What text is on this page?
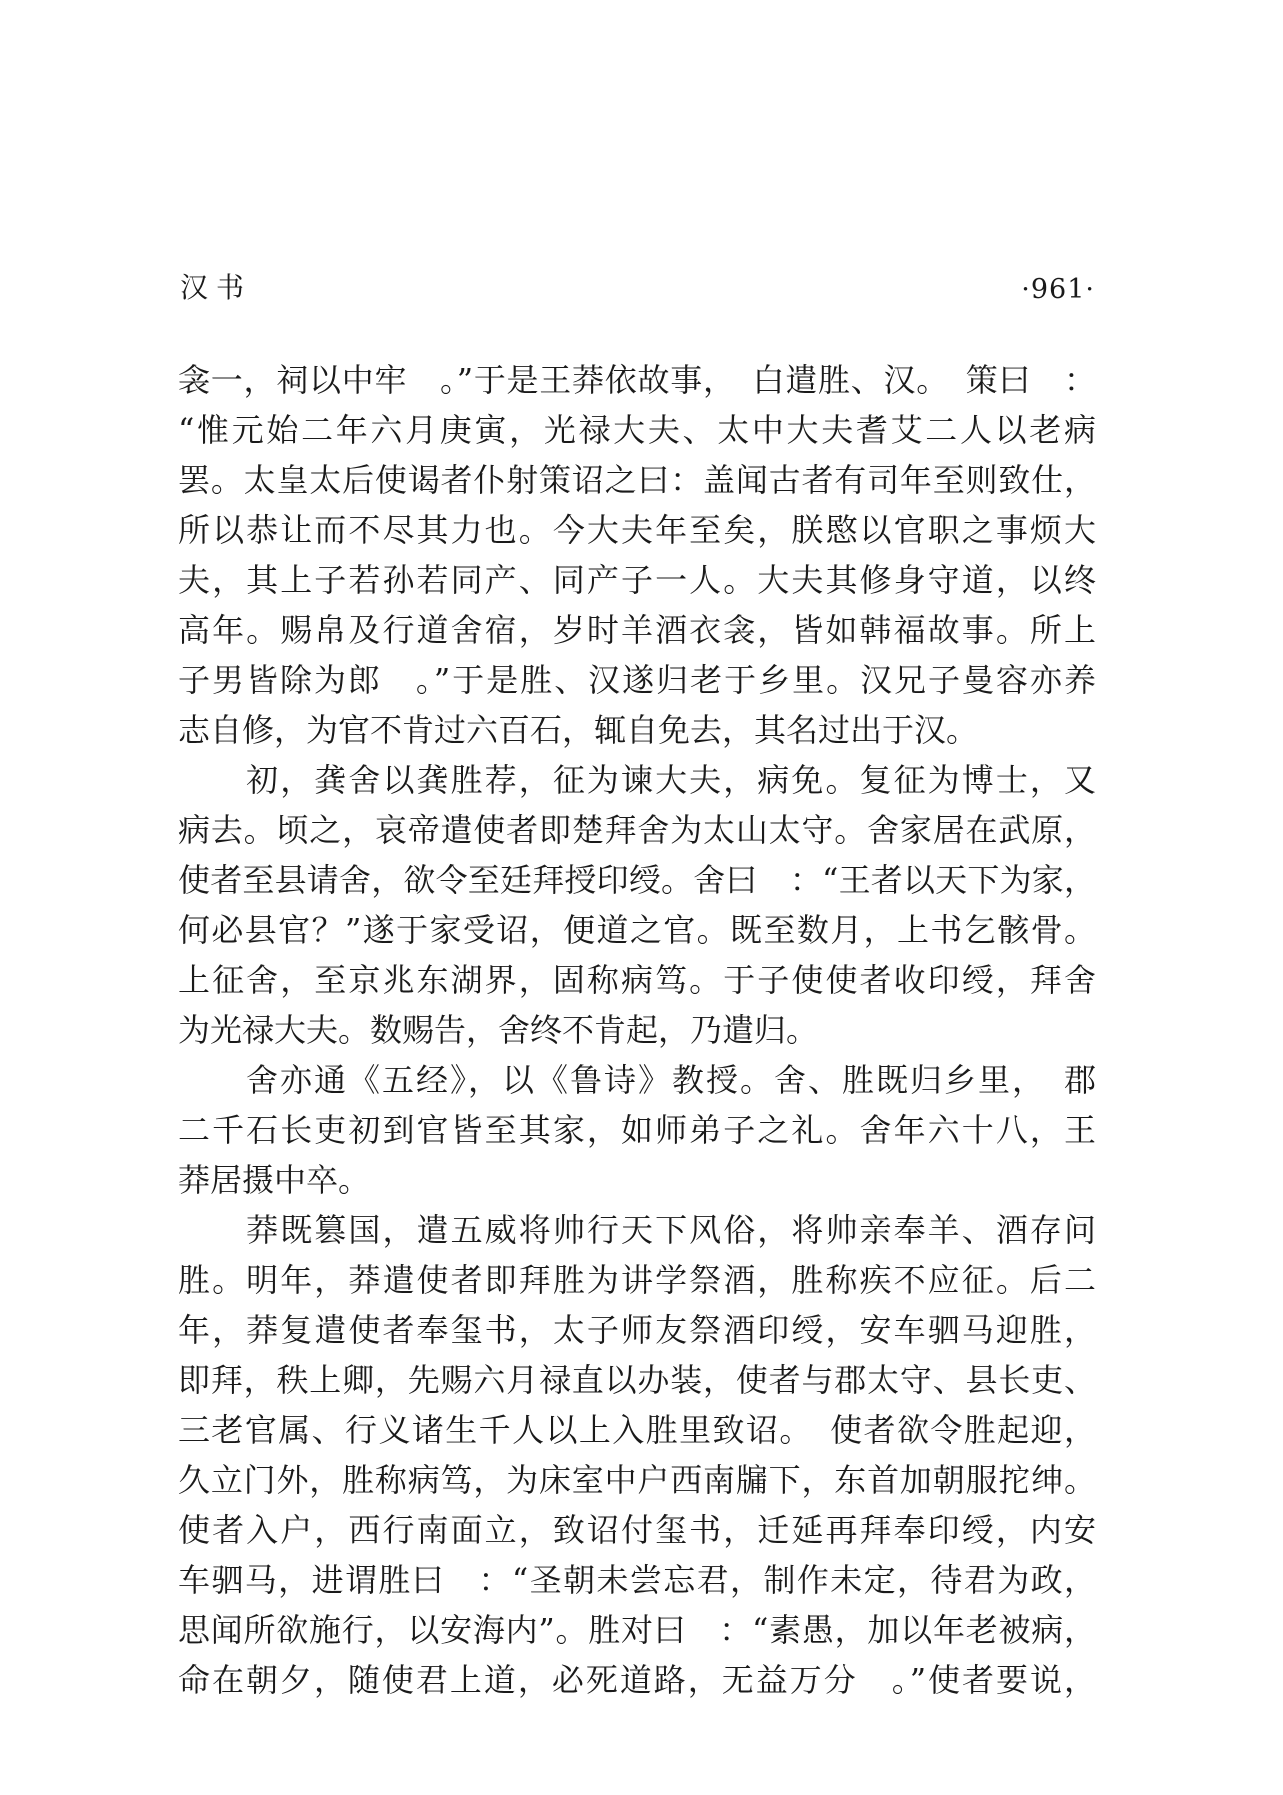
汉书	·961·
衾一，祠以中牢　。”于是王莽依故事，　白遣胜、汉。　策曰　：
“惟元始二年六月庚寅，光禄大夫、太中大夫耆艾二人以老病
罢。太皇太后使谒者仆射策诏之曰：盖闻古者有司年至则致仕，
所以恭让而不尽其力也。今大夫年至矣，朕愍以官职之事烦大
夫，其上子若孙若同产、同产子一人。大夫其修身守道，以终
高年。赐帛及行道舍宿，岁时羊酒衣衾，皆如韩福故事。所上
子男皆除为郎　。”于是胜、汉遂归老于乡里。汉兄子曼容亦养
志自修，为官不肯过六百石，辄自免去，其名过出于汉。
　　初，龚舍以龚胜荐，征为谏大夫，病免。复征为博士，又
病去。顷之，哀帝遣使者即楚拜舍为太山太守。舍家居在武原，
使者至县请舍，欲令至廷拜授印绶。舍曰　：“王者以天下为家，
何必县官？”遂于家受诏，便道之官。既至数月，上书乞骸骨。
上征舍，至京兆东湖界，固称病笃。于子使使者收印绶，拜舍
为光禄大夫。数赐告，舍终不肯起，乃遣归。
　　舍亦通《五经》，以《鲁诗》教授。舍、胜既归乡里，　郡
二千石长吏初到官皆至其家，如师弟子之礼。舍年六十八，王
莽居摄中卒。
　　莽既篡国，遣五威将帅行天下风俗，将帅亲奉羊、酒存问
胜。明年，莽遣使者即拜胜为讲学祭酒，胜称疾不应征。后二
年，莽复遣使者奉玺书，太子师友祭酒印绶，安车驷马迎胜，
即拜，秩上卿，先赐六月禄直以办装，使者与郡太守、县长吏、
三老官属、行义诸生千人以上入胜里致诏。　使者欲令胜起迎，
久立门外，胜称病笃，为床室中户西南牖下，东首加朝服拕绅。
使者入户，西行南面立，致诏付玺书，迁延再拜奉印绶，内安
车驷马，进谓胜曰　：“圣朝未尝忘君，制作未定，待君为政，
思闻所欲施行，以安海内”。胜对曰　：“素愚，加以年老被病，
命在朝夕，随使君上道，必死道路，无益万分　。”使者要说，
